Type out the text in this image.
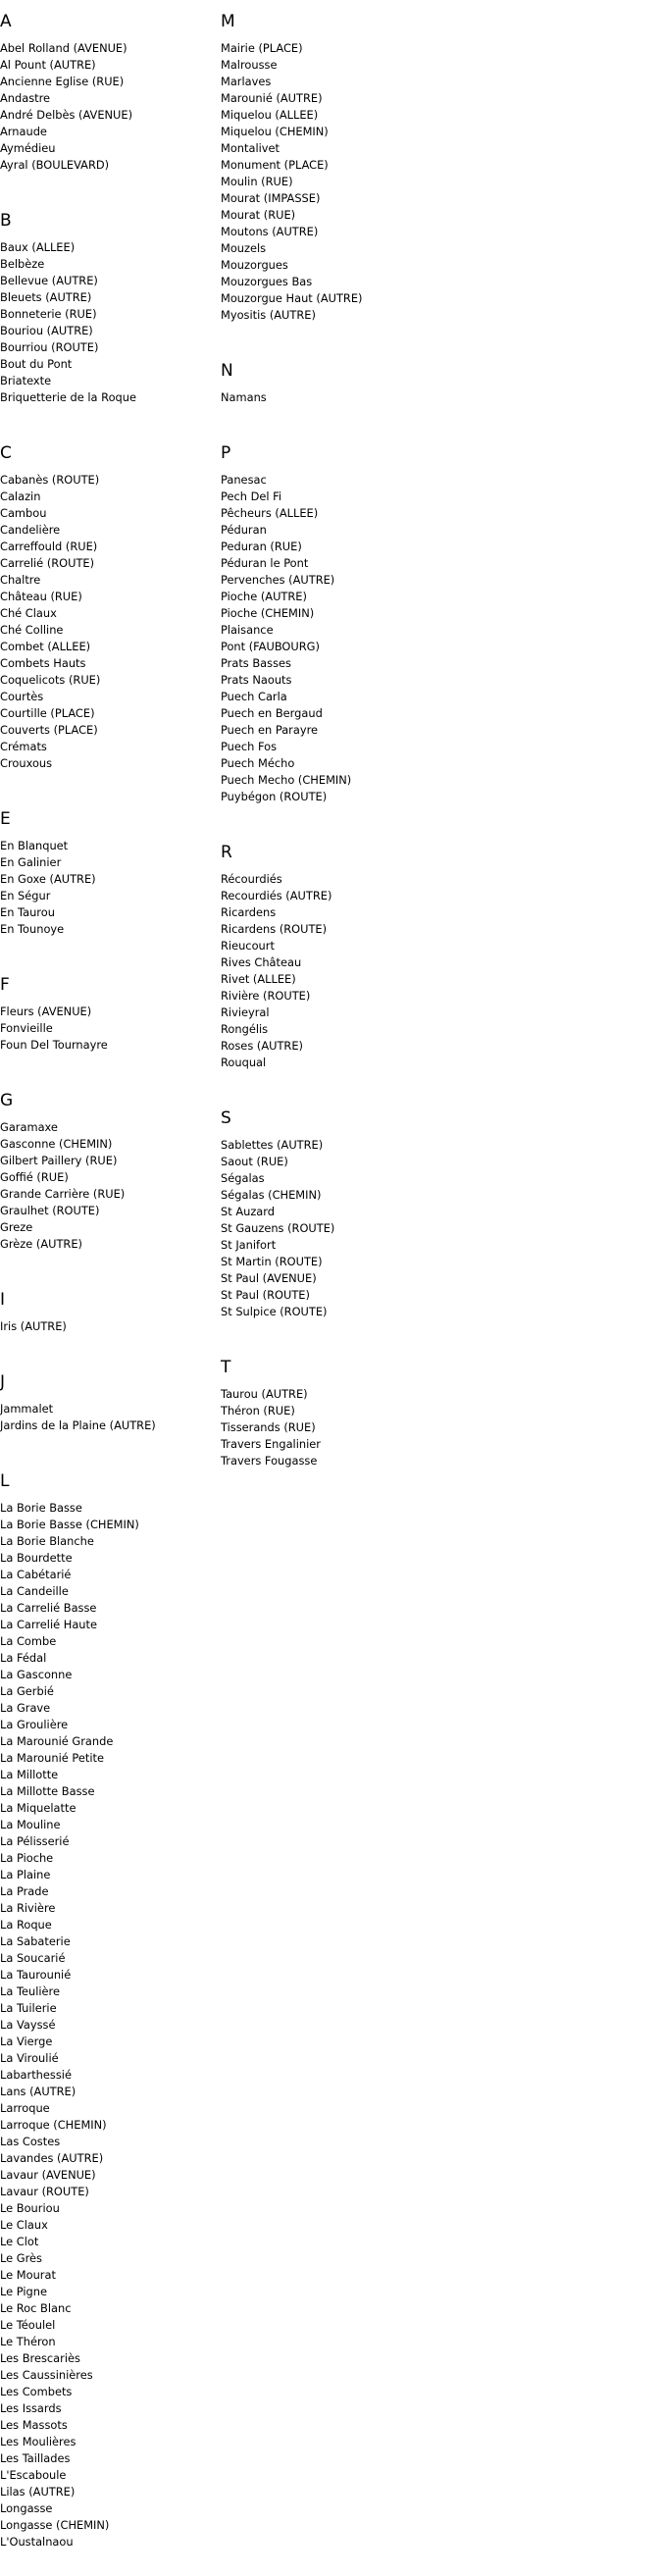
A
Abel Rolland (AVENUE)
Al Pount (AUTRE)
Ancienne Eglise (RUE)
Andastre
André Delbès (AVENUE)
Arnaude
Aymédieu
Ayral (BOULEVARD)
B
Baux (ALLEE)
Belbèze
Bellevue (AUTRE)
Bleuets (AUTRE)
Bonneterie (RUE)
Bouriou (AUTRE)
Bourriou (ROUTE)
Bout du Pont
Briatexte
Briquetterie de la Roque
C
Cabanès (ROUTE)
Calazin
Cambou
Candelière
Carreffould (RUE)
Carrelié (ROUTE)
Chaltre
Château (RUE)
Ché Claux
Ché Colline
Combet (ALLEE)
Combets Hauts
Coquelicots (RUE)
Courtès
Courtille (PLACE)
Couverts (PLACE)
Crémats
Crouxous
E
En Blanquet
En Galinier
En Goxe (AUTRE)
En Ségur
En Taurou
En Tounoye
F
Fleurs (AVENUE)
Fonvieille
Foun Del Tournayre
G
Garamaxe
Gasconne (CHEMIN)
Gilbert Paillery (RUE)
Goffié (RUE)
Grande Carrière (RUE)
Graulhet (ROUTE)
Greze
Grèze (AUTRE)
I
Iris (AUTRE)
J
Jammalet
Jardins de la Plaine (AUTRE)
L
La Borie Basse
La Borie Basse (CHEMIN)
La Borie Blanche
La Bourdette
La Cabétarié
La Candeille
La Carrelié Basse
La Carrelié Haute
La Combe
La Fédal
La Gasconne
La Gerbié
La Grave
La Groulière
La Marounié Grande
La Marounié Petite
La Millotte
La Millotte Basse
La Miquelatte
La Mouline
La Pélisserié
La Pioche
La Plaine
La Prade
La Rivière
La Roque
La Sabaterie
La Soucarié
La Taurounié
La Teulière
La Tuilerie
La Vayssé
La Vierge
La Viroulié
Labarthessié
Lans (AUTRE)
Larroque
Larroque (CHEMIN)
Las Costes
Lavandes (AUTRE)
Lavaur (AVENUE)
Lavaur (ROUTE)
Le Bouriou
Le Claux
Le Clot
Le Grès
Le Mourat
Le Pigne
Le Roc Blanc
Le Téoulel
Le Théron
Les Brescariès
Les Caussinières
Les Combets
Les Issards
Les Massots
Les Moulières
Les Taillades
L'Escaboule
Lilas (AUTRE)
Longasse
Longasse (CHEMIN)
L'Oustalnaou
M
Mairie (PLACE)
Malrousse
Marlaves
Marounié (AUTRE)
Miquelou (ALLEE)
Miquelou (CHEMIN)
Montalivet
Monument (PLACE)
Moulin (RUE)
Mourat (IMPASSE)
Mourat (RUE)
Moutons (AUTRE)
Mouzels
Mouzorgues
Mouzorgues Bas
Mouzorgue Haut (AUTRE)
Myositis (AUTRE)
N
Namans
P
Panesac
Pech Del Fi
Pêcheurs (ALLEE)
Péduran
Peduran (RUE)
Péduran le Pont
Pervenches (AUTRE)
Pioche (AUTRE)
Pioche (CHEMIN)
Plaisance
Pont (FAUBOURG)
Prats Basses
Prats Naouts
Puech Carla
Puech en Bergaud
Puech en Parayre
Puech Fos
Puech Mécho
Puech Mecho (CHEMIN)
Puybégon (ROUTE)
R
Récourdiés
Recourdiés (AUTRE)
Ricardens
Ricardens (ROUTE)
Rieucourt
Rives Château
Rivet (ALLEE)
Rivière (ROUTE)
Rivieyral
Rongélis
Roses (AUTRE)
Rouqual
S
Sablettes (AUTRE)
Saout (RUE)
Ségalas
Ségalas (CHEMIN)
St Auzard
St Gauzens (ROUTE)
St Janifort
St Martin (ROUTE)
St Paul (AVENUE)
St Paul (ROUTE)
St Sulpice (ROUTE)
T
Taurou (AUTRE)
Théron (RUE)
Tisserands (RUE)
Travers Engalinier
Travers Fougasse
